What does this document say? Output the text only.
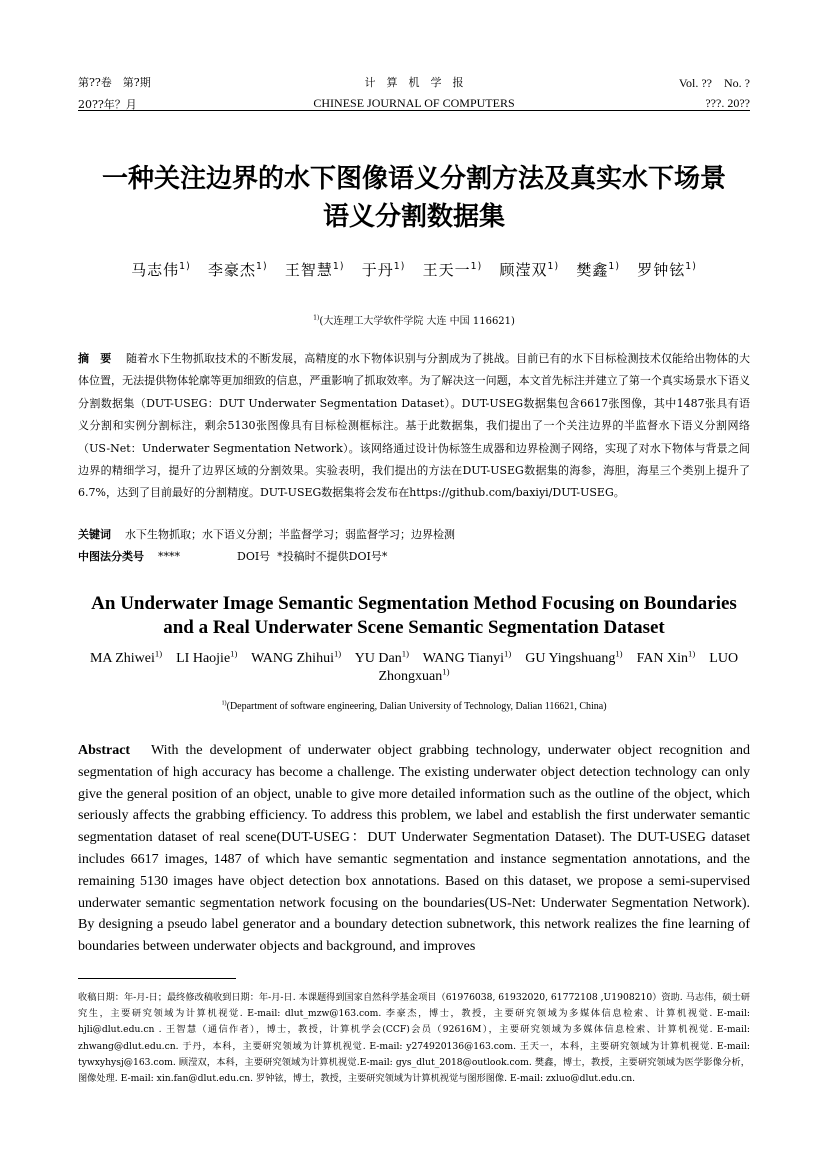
第??卷　第?期	计　算　机　学　报	Vol. ??　No. ?
20??年？月	CHINESE JOURNAL OF COMPUTERS	???. 20??
一种关注边界的水下图像语义分割方法及真实水下场景语义分割数据集
马志伟$^{1)}$ 李豪杰$^{1)}$ 王智慧$^{1)}$ 于丹$^{1)}$ 王天一$^{1)}$ 顾滢双$^{1)}$ 樊鑫$^{1)}$ 罗钟铉$^{1)}$
$^{1)}$(大连理工大学软件学院 大连 中国 116621)
摘　要 随着水下生物抓取技术的不断发展，高精度的水下物体识别与分割成为了挑战。目前已有的水下目标检测技术仅能给出物体的大体位置，无法提供物体轮廓等更加细致的信息，严重影响了抓取效率。为了解决这一问题，本文首先标注并建立了第一个真实场景水下语义分割数据集（DUT-USEG：DUT Underwater Segmentation Dataset）。DUT-USEG数据集包含6617张图像，其中1487张具有语义分割和实例分割标注，剩余5130张图像具有目标检测框标注。基于此数据集，我们提出了一个关注边界的半监督水下语义分割网络（US-Net：Underwater Segmentation Network）。该网络通过设计伪标签生成器和边界检测子网络，实现了对水下物体与背景之间边界的精细学习，提升了边界区域的分割效果。实验表明，我们提出的方法在DUT-USEG数据集的海参，海胆，海星三个类别上提升了6.7%，达到了目前最好的分割精度。DUT-USEG数据集将会发布在https://github.com/baxiyi/DUT-USEG。
关键词 水下生物抓取；水下语义分割；半监督学习；弱监督学习；边界检测
中图法分类号 ****	DOI号 *投稿时不提供DOI号*
An Underwater Image Semantic Segmentation Method Focusing on Boundaries
and a Real Underwater Scene Semantic Segmentation Dataset
MA Zhiwei$^{1)}$ LI Haojie$^{1)}$ WANG Zhihui$^{1)}$ YU Dan$^{1)}$ WANG Tianyi$^{1)}$ GU Yingshuang$^{1)}$ FAN Xin$^{1)}$ LUO
Zhongxuan$^{1)}$
$^{1)}$(Department of software engineering, Dalian University of Technology, Dalian 116621, China)
Abstract With the development of underwater object grabbing technology, underwater object recognition and segmentation of high accuracy has become a challenge. The existing underwater object detection technology can only give the general position of an object, unable to give more detailed information such as the outline of the object, which seriously affects the grabbing efficiency. To address this problem, we label and establish the first underwater semantic segmentation dataset of real scene(DUT-USEG：DUT Underwater Segmentation Dataset). The DUT-USEG dataset includes 6617 images, 1487 of which have semantic segmentation and instance segmentation annotations, and the remaining 5130 images have object detection box annotations. Based on this dataset, we propose a semi-supervised underwater semantic segmentation network focusing on the boundaries(US-Net: Underwater Segmentation Network). By designing a pseudo label generator and a boundary detection subnetwork, this network realizes the fine learning of　boundaries between underwater objects and background, and improves
收稿日期：年-月-日；最终修改稿收到日期：年-月-日. 本课题得到国家自然科学基金项目（61976038, 61932020, 61772108 ,U1908210）资助. 马志伟，硕士研究生，主要研究领域为计算机视觉. E-mail: dlut_mzw@163.com. 李豪杰，博士，教授，主要研究领域为多媒体信息检索、计算机视觉. E-mail: hjli@dlut.edu.cn . 王智慧（通信作者），博士，教授，计算机学会(CCF)会员（92616M），主要研究领域为多媒体信息检索、计算机视觉. E-mail: zhwang@dlut.edu.cn. 于丹，本科，主要研究领域为计算机视觉. E-mail: y274920136@163.com. 王天一，本科，主要研究领域为计算机视觉. E-mail: tywxyhysj@163.com. 顾滢双，本科，主要研究领域为计算机视觉.E-mail: gys_dlut_2018@outlook.com. 樊鑫，博士，教授，主要研究领域为医学影像分析，图像处理. E-mail: xin.fan@dlut.edu.cn. 罗钟铉，博士，教授，主要研究领域为计算机视觉与图形图像. E-mail: zxluo@dlut.edu.cn.
